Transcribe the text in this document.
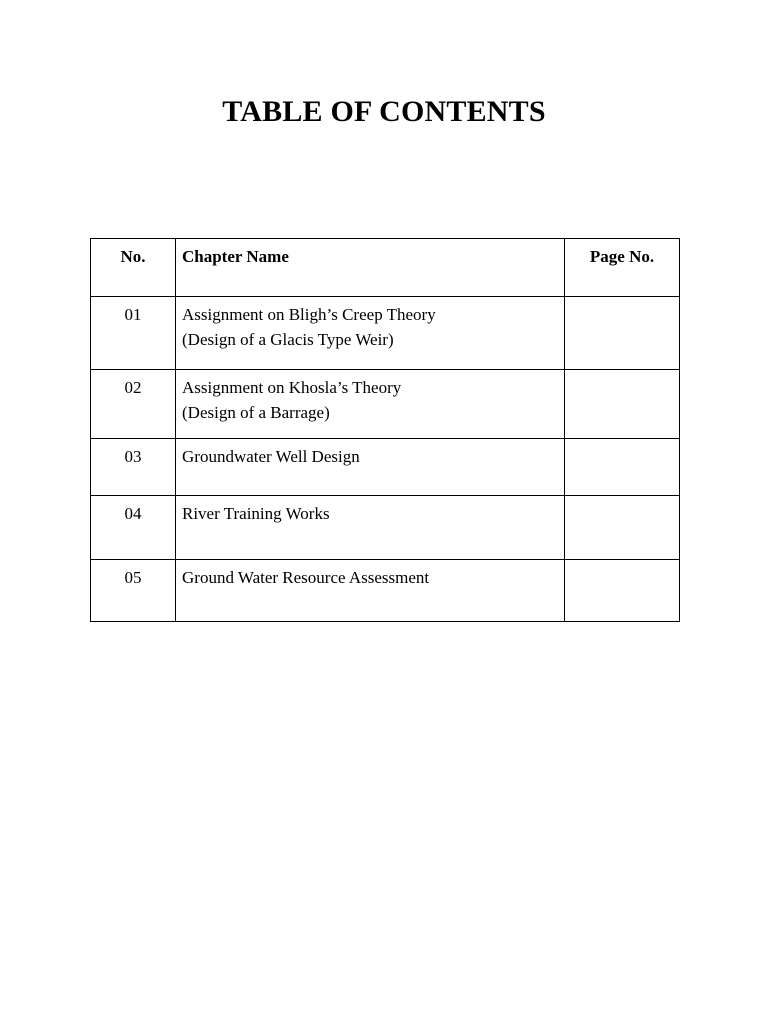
TABLE OF CONTENTS
No.	Chapter Name	Page No.
01	Assignment on Bligh’s Creep Theory
(Design of a Glacis Type Weir)	

02	Assignment on Khosla’s Theory
(Design of a Barrage)	

03	Groundwater Well Design	

04	River Training Works	

05	Ground Water Resource Assessment	
